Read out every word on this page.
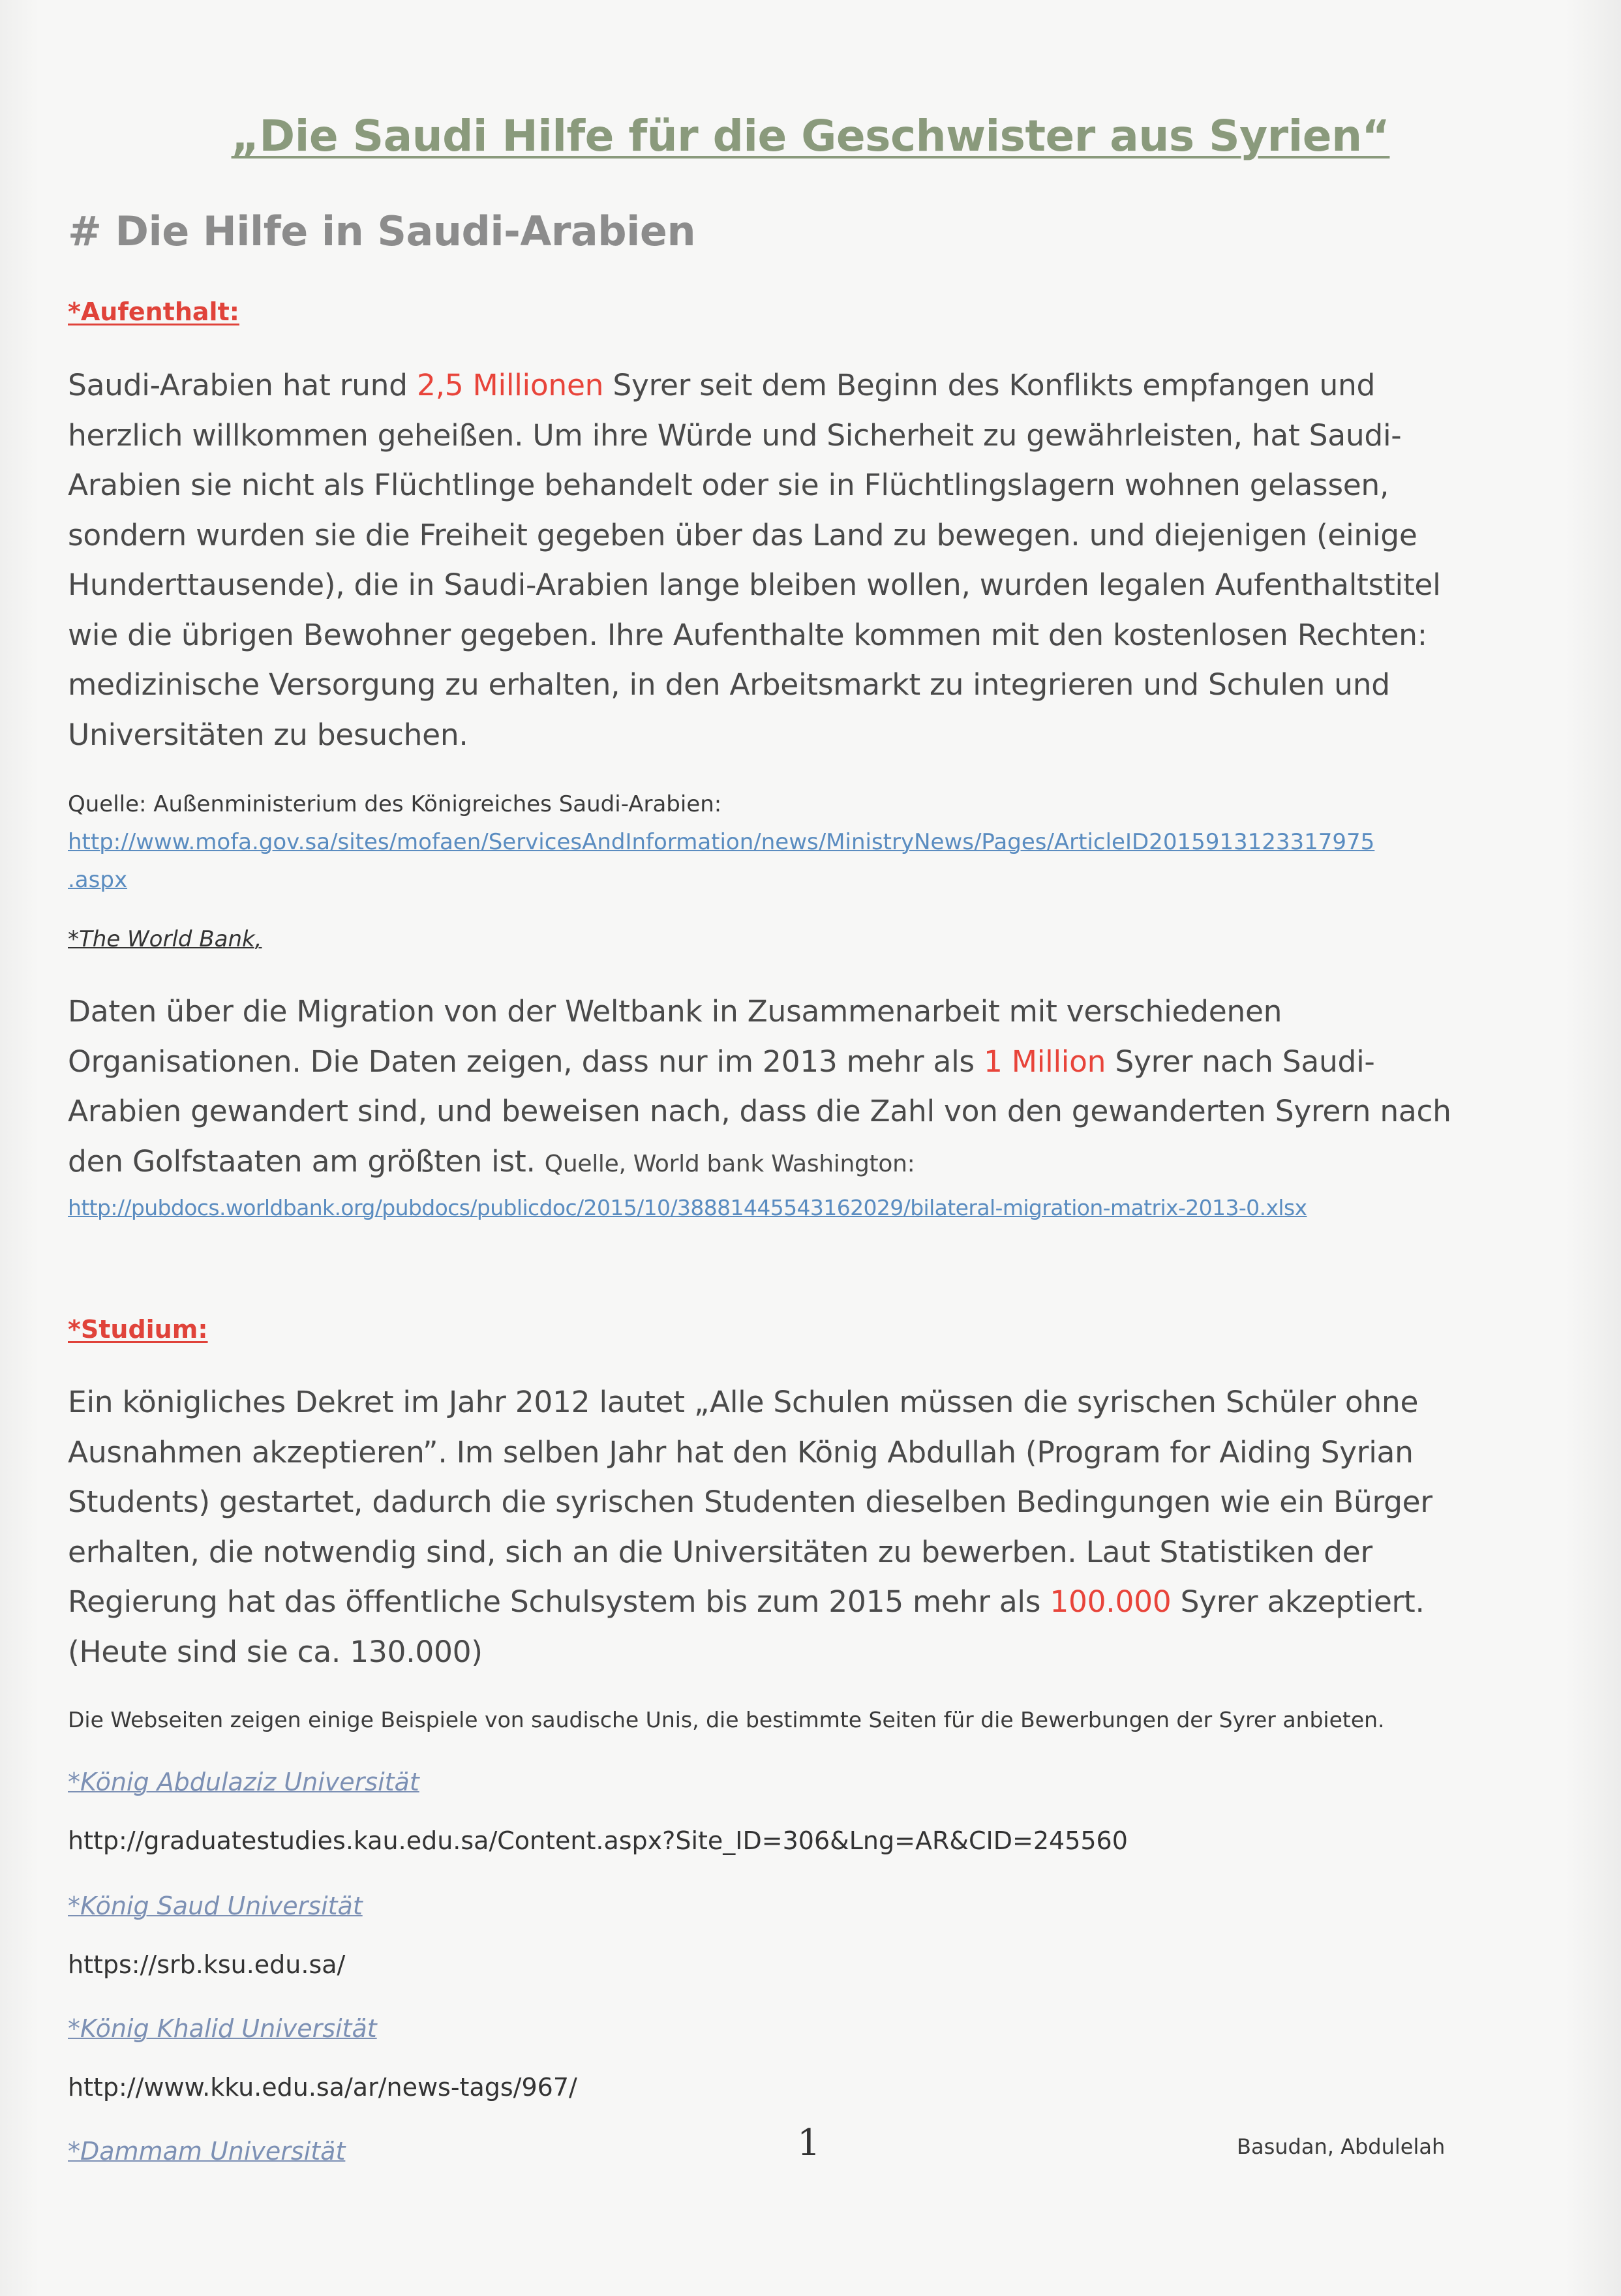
„Die Saudi Hilfe für die Geschwister aus Syrien“
# Die Hilfe in Saudi-Arabien
*Aufenthalt:
Saudi-Arabien hat rund 2,5 Millionen Syrer seit dem Beginn des Konflikts empfangen und
herzlich willkommen geheißen. Um ihre Würde und Sicherheit zu gewährleisten, hat Saudi-
Arabien sie nicht als Flüchtlinge behandelt oder sie in Flüchtlingslagern wohnen gelassen,
sondern wurden sie die Freiheit gegeben über das Land zu bewegen. und diejenigen (einige
Hunderttausende), die in Saudi-Arabien lange bleiben wollen, wurden legalen Aufenthaltstitel
wie die übrigen Bewohner gegeben. Ihre Aufenthalte kommen mit den kostenlosen Rechten:
medizinische Versorgung zu erhalten, in den Arbeitsmarkt zu integrieren und Schulen und
Universitäten zu besuchen.
Quelle: Außenministerium des Königreiches Saudi-Arabien:
http://www.mofa.gov.sa/sites/mofaen/ServicesAndInformation/news/MinistryNews/Pages/ArticleID2015913123317975
.aspx
*The World Bank,
Daten über die Migration von der Weltbank in Zusammenarbeit mit verschiedenen
Organisationen. Die Daten zeigen, dass nur im 2013 mehr als 1 Million Syrer nach Saudi-
Arabien gewandert sind, und beweisen nach, dass die Zahl von den gewanderten Syrern nach
den Golfstaaten am größten ist. Quelle, World bank Washington:
http://pubdocs.worldbank.org/pubdocs/publicdoc/2015/10/38881445543162029/bilateral-migration-matrix-2013-0.xlsx
*Studium:
Ein königliches Dekret im Jahr 2012 lautet „Alle Schulen müssen die syrischen Schüler ohne
Ausnahmen akzeptieren”. Im selben Jahr hat den König Abdullah (Program for Aiding Syrian
Students) gestartet, dadurch die syrischen Studenten dieselben Bedingungen wie ein Bürger
erhalten, die notwendig sind, sich an die Universitäten zu bewerben. Laut Statistiken der
Regierung hat das öffentliche Schulsystem bis zum 2015 mehr als 100.000 Syrer akzeptiert.
(Heute sind sie ca. 130.000)
Die Webseiten zeigen einige Beispiele von saudische Unis, die bestimmte Seiten für die Bewerbungen der Syrer anbieten.
*König Abdulaziz Universität
http://graduatestudies.kau.edu.sa/Content.aspx?Site_ID=306&Lng=AR&CID=245560
*König Saud Universität
https://srb.ksu.edu.sa/
*König Khalid Universität
http://www.kku.edu.sa/ar/news-tags/967/
*Dammam Universität	1	Basudan, Abdulelah
